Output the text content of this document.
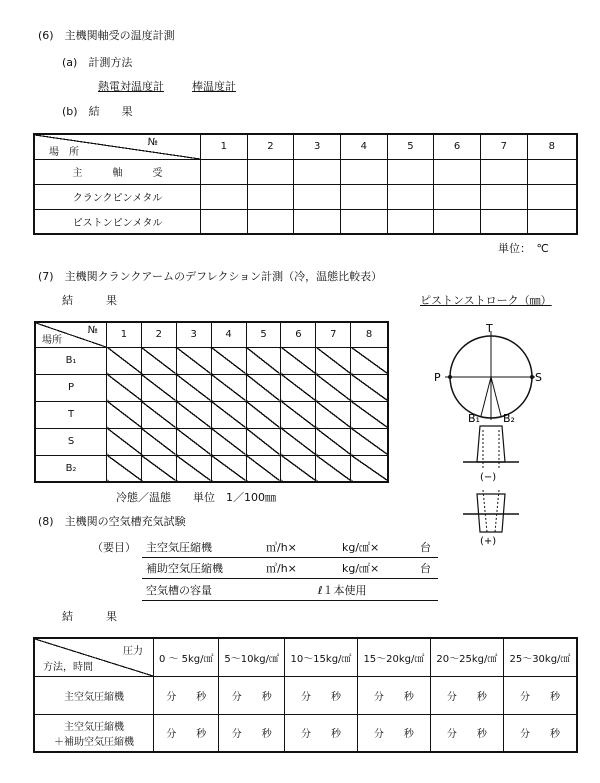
(6)　主機関軸受の温度計測
(a)　計測方法
熱電対温度計	棒温度計
(b)　結　　果
№
場　所	1	2	3	4	5	6	7	8
主　　　軸　　　受								
クランクピンメタル								
ピストンピンメタル								
単位：　℃
(7)　主機関クランクアームのデフレクション計測（冷，温態比較表）
結　　　果	ピストンストローク（㎜）
№
場所	1	2	3	4	5	6	7	8
B₁								
P								
T								
S								
B₂								
冷態／温態　　単位　1／100㎜
T
P	S
B₁ B₂
(−)
(+)
(8)　主機関の空気槽充気試験
（要目） 主空気圧縮機	㎥/h×	kg/㎠×	台
補助空気圧縮機	㎥/h×	kg/㎠×	台
空気槽の容量	ℓ１本使用
結　　　果
圧力
方法，時間	0 〜 5kg/㎠	5〜10kg/㎠	10〜15kg/㎠	15〜20kg/㎠	20〜25kg/㎠	25〜30kg/㎠
主空気圧縮機	分　　 秒	分　　 秒	分　　 秒	分　　 秒	分　　 秒	分　　 秒

主空気圧縮機
＋補助空気圧縮機	分　　 秒	分　　 秒	分　　 秒	分　　 秒	分　　 秒	分　　 秒
